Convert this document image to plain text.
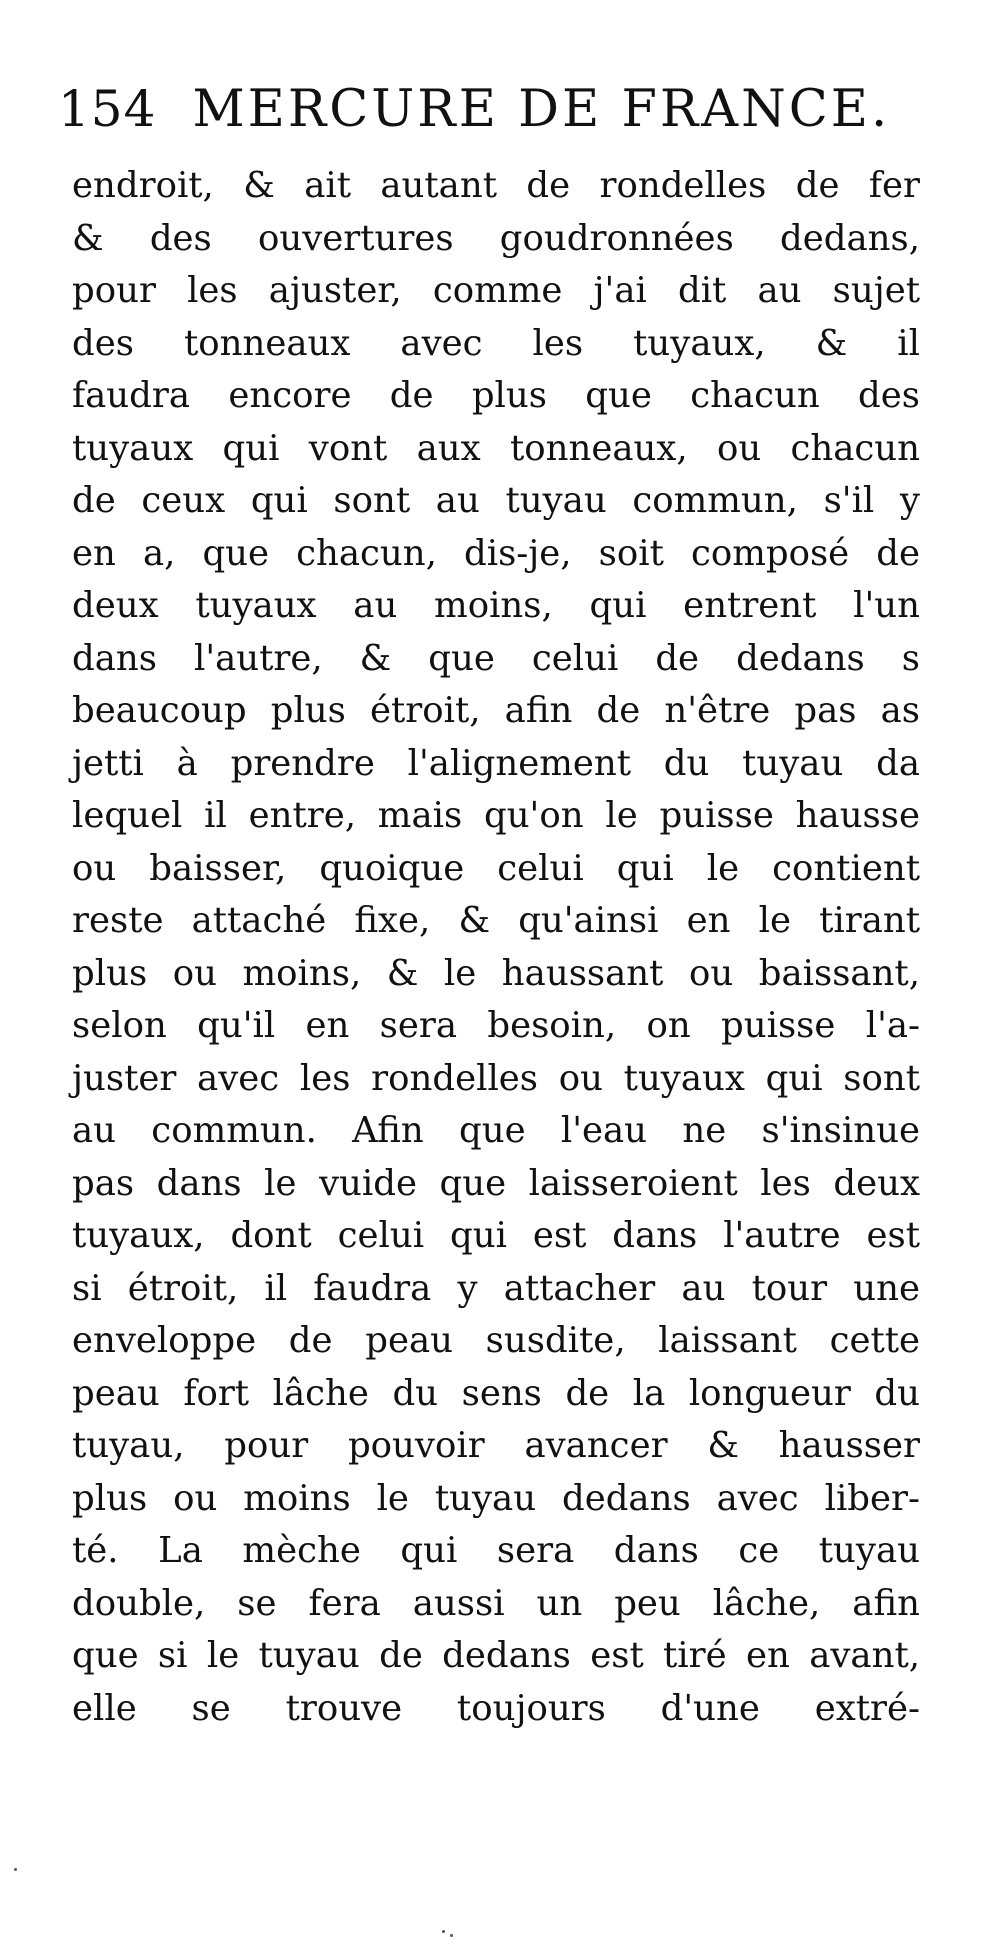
154 MERCURE DE FRANCE.
endroit, & ait autant de rondelles de fer
& des ouvertures goudronnées dedans,
pour les ajuster, comme j'ai dit au sujet
des tonneaux avec les tuyaux, & il
faudra encore de plus que chacun des
tuyaux qui vont aux tonneaux, ou chacun
de ceux qui sont au tuyau commun, s'il y
en a, que chacun, dis-je, soit composé de
deux tuyaux au moins, qui entrent l'un
dans l'autre, & que celui de dedans s
beaucoup plus étroit, afin de n'être pas as
jetti à prendre l'alignement du tuyau da
lequel il entre, mais qu'on le puisse hausse
ou baisser, quoique celui qui le contient
reste attaché fixe, & qu'ainsi en le tirant
plus ou moins, & le haussant ou baissant,
selon qu'il en sera besoin, on puisse l'a-
juster avec les rondelles ou tuyaux qui sont
au commun. Afin que l'eau ne s'insinue
pas dans le vuide que laisseroient les deux
tuyaux, dont celui qui est dans l'autre est
si étroit, il faudra y attacher au tour une
enveloppe de peau susdite, laissant cette
peau fort lâche du sens de la longueur du
tuyau, pour pouvoir avancer & hausser
plus ou moins le tuyau dedans avec liber-
té. La mèche qui sera dans ce tuyau
double, se fera aussi un peu lâche, afin
que si le tuyau de dedans est tiré en avant,
elle se trouve toujours d'une extré-
